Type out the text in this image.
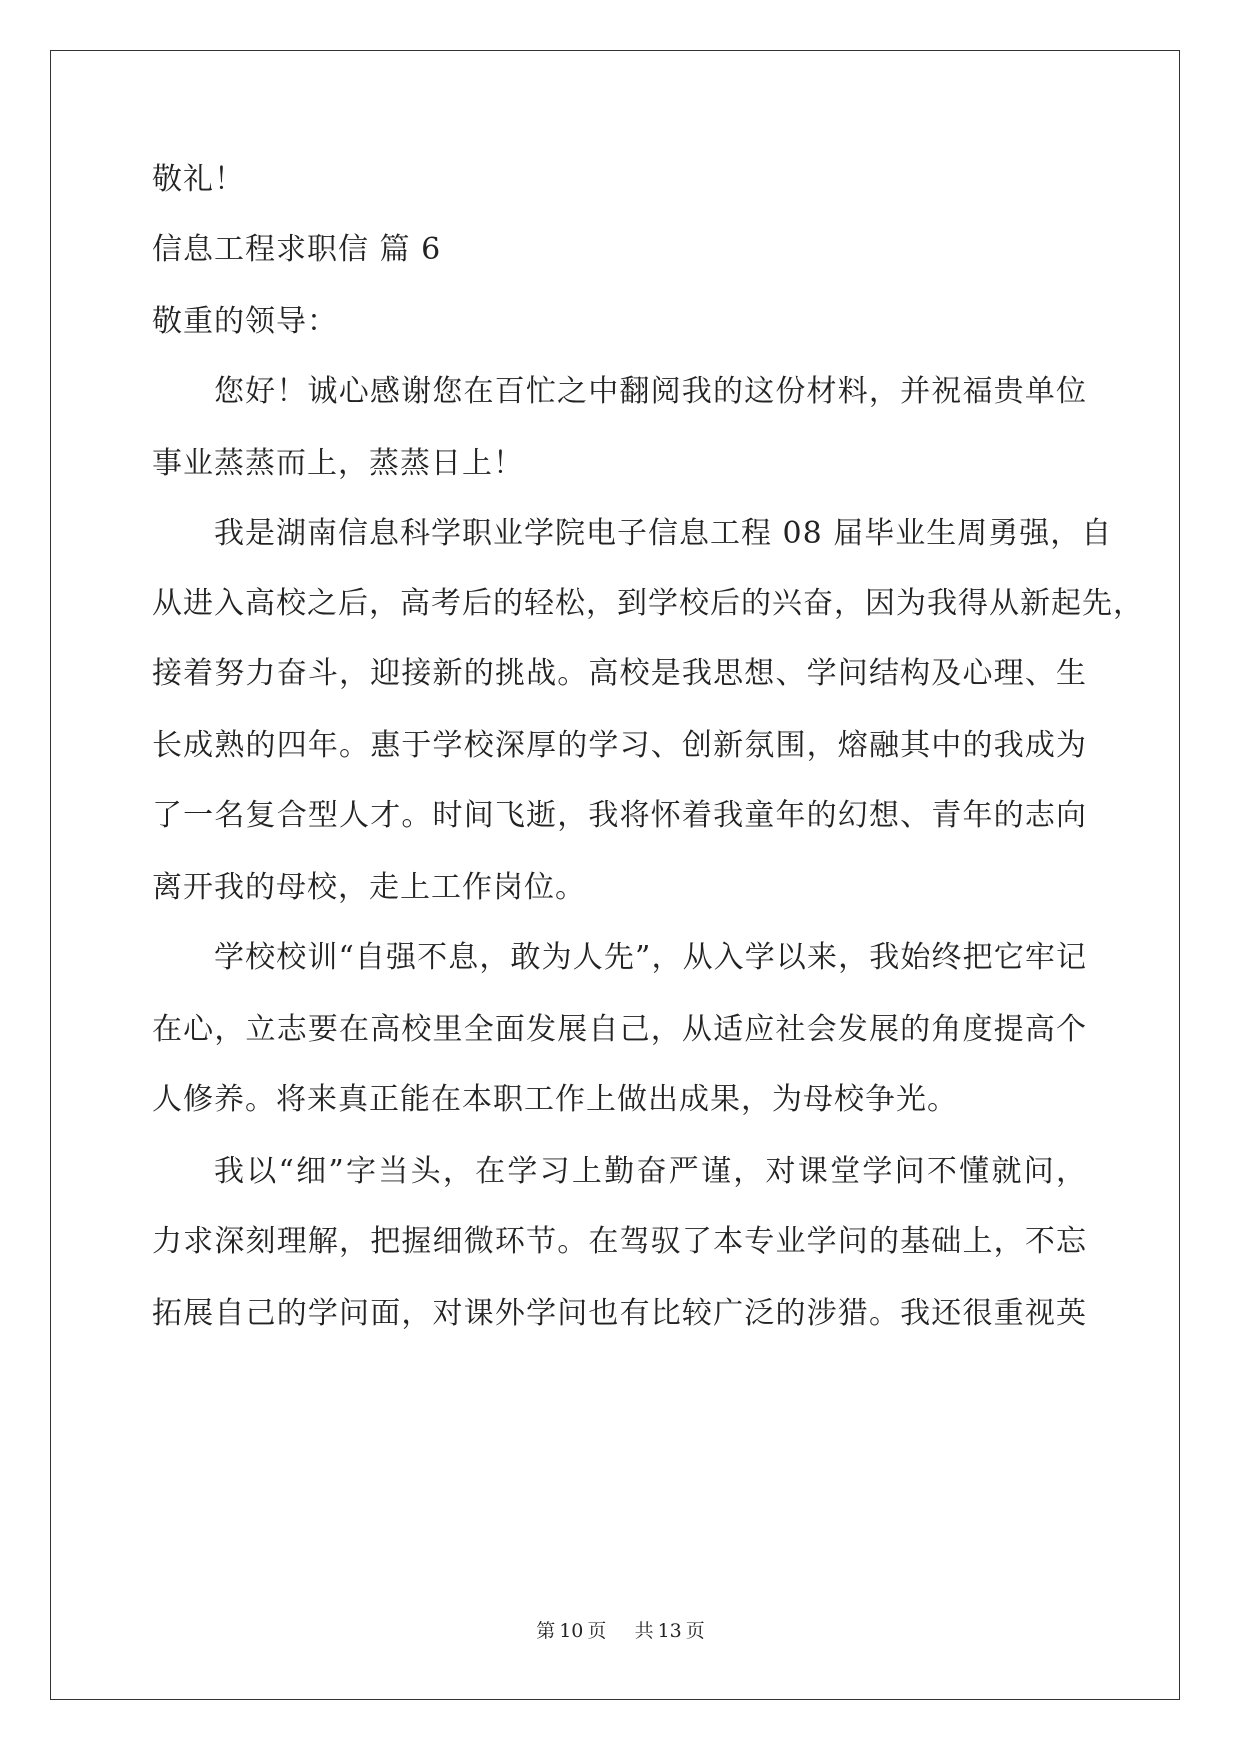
敬礼！
信息工程求职信 篇 6
敬重的领导：
您好！诚心感谢您在百忙之中翻阅我的这份材料，并祝福贵单位
事业蒸蒸而上，蒸蒸日上！
我是湖南信息科学职业学院电子信息工程 08 届毕业生周勇强，自
从进入高校之后，高考后的轻松，到学校后的兴奋，因为我得从新起先，
接着努力奋斗，迎接新的挑战。高校是我思想、学问结构及心理、生
长成熟的四年。惠于学校深厚的学习、创新氛围，熔融其中的我成为
了一名复合型人才。时间飞逝，我将怀着我童年的幻想、青年的志向
离开我的母校，走上工作岗位。
学校校训“自强不息，敢为人先”，从入学以来，我始终把它牢记
在心，立志要在高校里全面发展自己，从适应社会发展的角度提高个
人修养。将来真正能在本职工作上做出成果，为母校争光。
我以“细”字当头，在学习上勤奋严谨，对课堂学问不懂就问，
力求深刻理解，把握细微环节。在驾驭了本专业学问的基础上，不忘
拓展自己的学问面，对课外学问也有比较广泛的涉猎。我还很重视英
第 10 页 共 13 页
